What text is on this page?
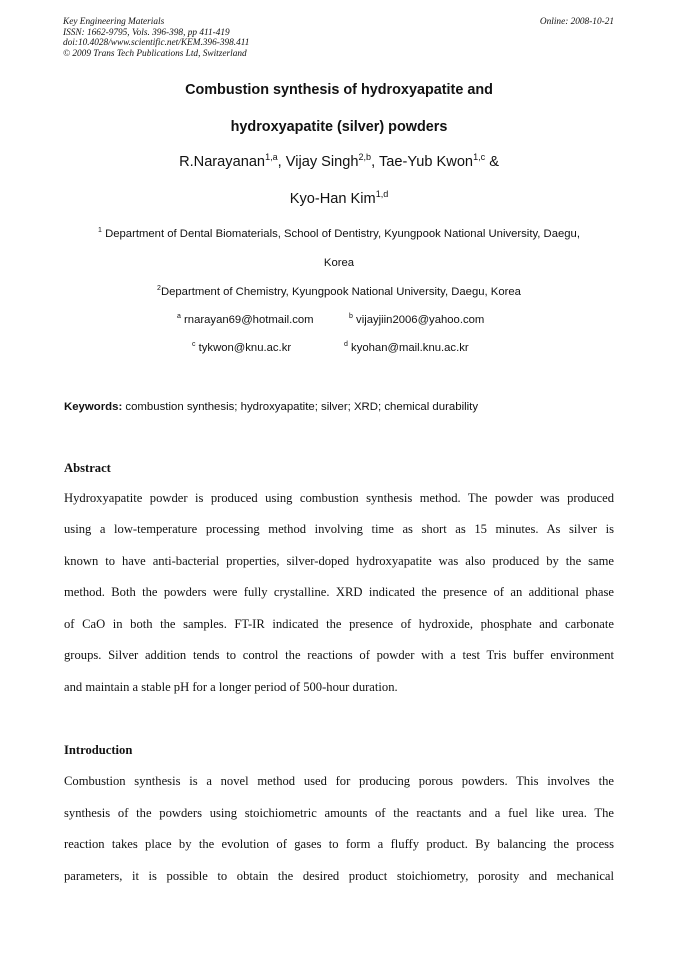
Key Engineering Materials
ISSN: 1662-9795, Vols. 396-398, pp 411-419
doi:10.4028/www.scientific.net/KEM.396-398.411
© 2009 Trans Tech Publications Ltd, Switzerland
Online: 2008-10-21
Combustion synthesis of hydroxyapatite and
hydroxyapatite (silver) powders
R.Narayanan$^{1,a}$, Vijay Singh$^{2,b}$, Tae-Yub Kwon$^{1,c}$ &
Kyo-Han Kim$^{1,d}$
$^1$ Department of Dental Biomaterials, School of Dentistry, Kyungpook National University, Daegu,
Korea
$^2$Department of Chemistry, Kyungpook National University, Daegu, Korea
$^a$ rnarayan69@hotmail.com	$^b$ vijayjiin2006@yahoo.com
$^c$ tykwon@knu.ac.kr	$^d$ kyohan@mail.knu.ac.kr
Keywords: combustion synthesis; hydroxyapatite; silver; XRD; chemical durability
Abstract
Hydroxyapatite powder is produced using combustion synthesis method. The powder was produced
using a low-temperature processing method involving time as short as 15 minutes. As silver is
known to have anti-bacterial properties, silver-doped hydroxyapatite was also produced by the same
method. Both the powders were fully crystalline. XRD indicated the presence of an additional phase
of CaO in both the samples. FT-IR indicated the presence of hydroxide, phosphate and carbonate
groups. Silver addition tends to control the reactions of powder with a test Tris buffer environment
and maintain a stable pH for a longer period of 500-hour duration.
Introduction
Combustion synthesis is a novel method used for producing porous powders. This involves the
synthesis of the powders using stoichiometric amounts of the reactants and a fuel like urea. The
reaction takes place by the evolution of gases to form a fluffy product. By balancing the process
parameters, it is possible to obtain the desired product stoichiometry, porosity and mechanical
